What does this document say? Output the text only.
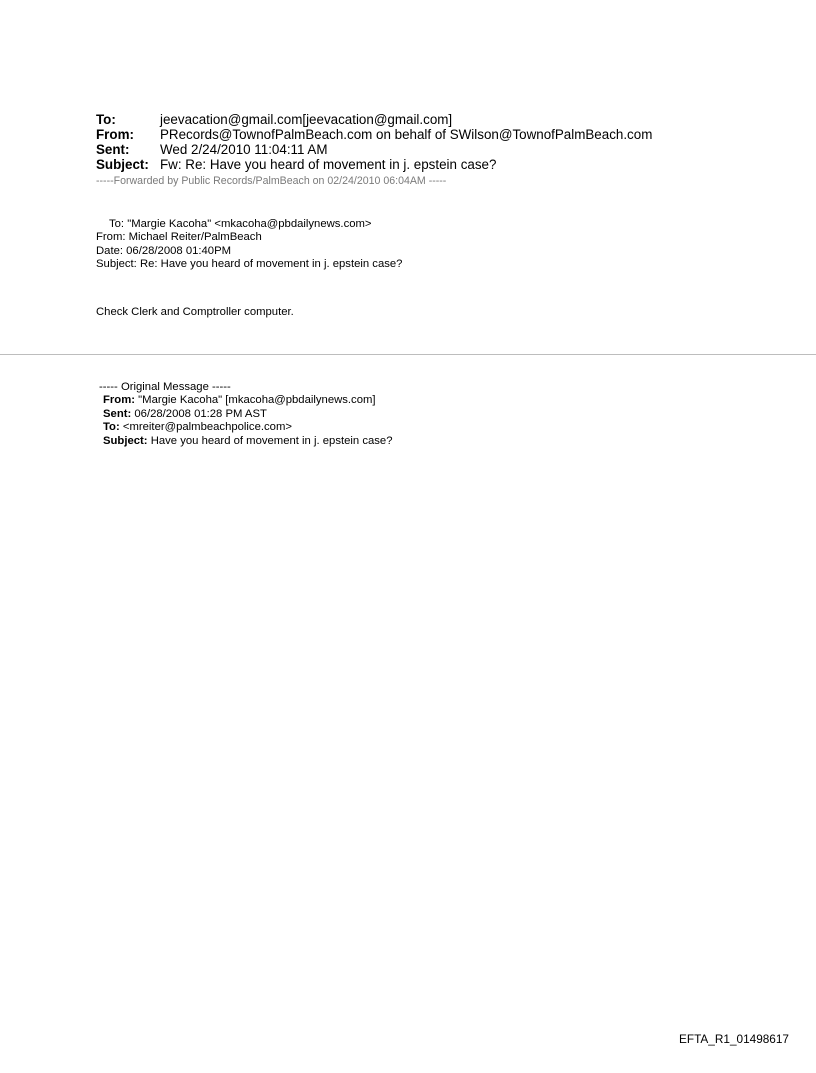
To:	jeevacation@gmail.com[jeevacation@gmail.com]
From:	PRecords@TownofPalmBeach.com on behalf of SWilson@TownofPalmBeach.com
Sent:	Wed 2/24/2010 11:04:11 AM
Subject: Fw: Re: Have you heard of movement in j. epstein case?
-----Forwarded by Public Records/PalmBeach on 02/24/2010 06:04AM -----
To: "Margie Kacoha" <mkacoha@pbdailynews.com>
From: Michael Reiter/PalmBeach
Date: 06/28/2008 01:40PM
Subject: Re: Have you heard of movement in j. epstein case?
Check Clerk and Comptroller computer.
----- Original Message -----
From: "Margie Kacoha" [mkacoha@pbdailynews.com]
Sent: 06/28/2008 01:28 PM AST
To: <mreiter@palmbeachpolice.com>
Subject: Have you heard of movement in j. epstein case?
EFTA_R1_01498617
